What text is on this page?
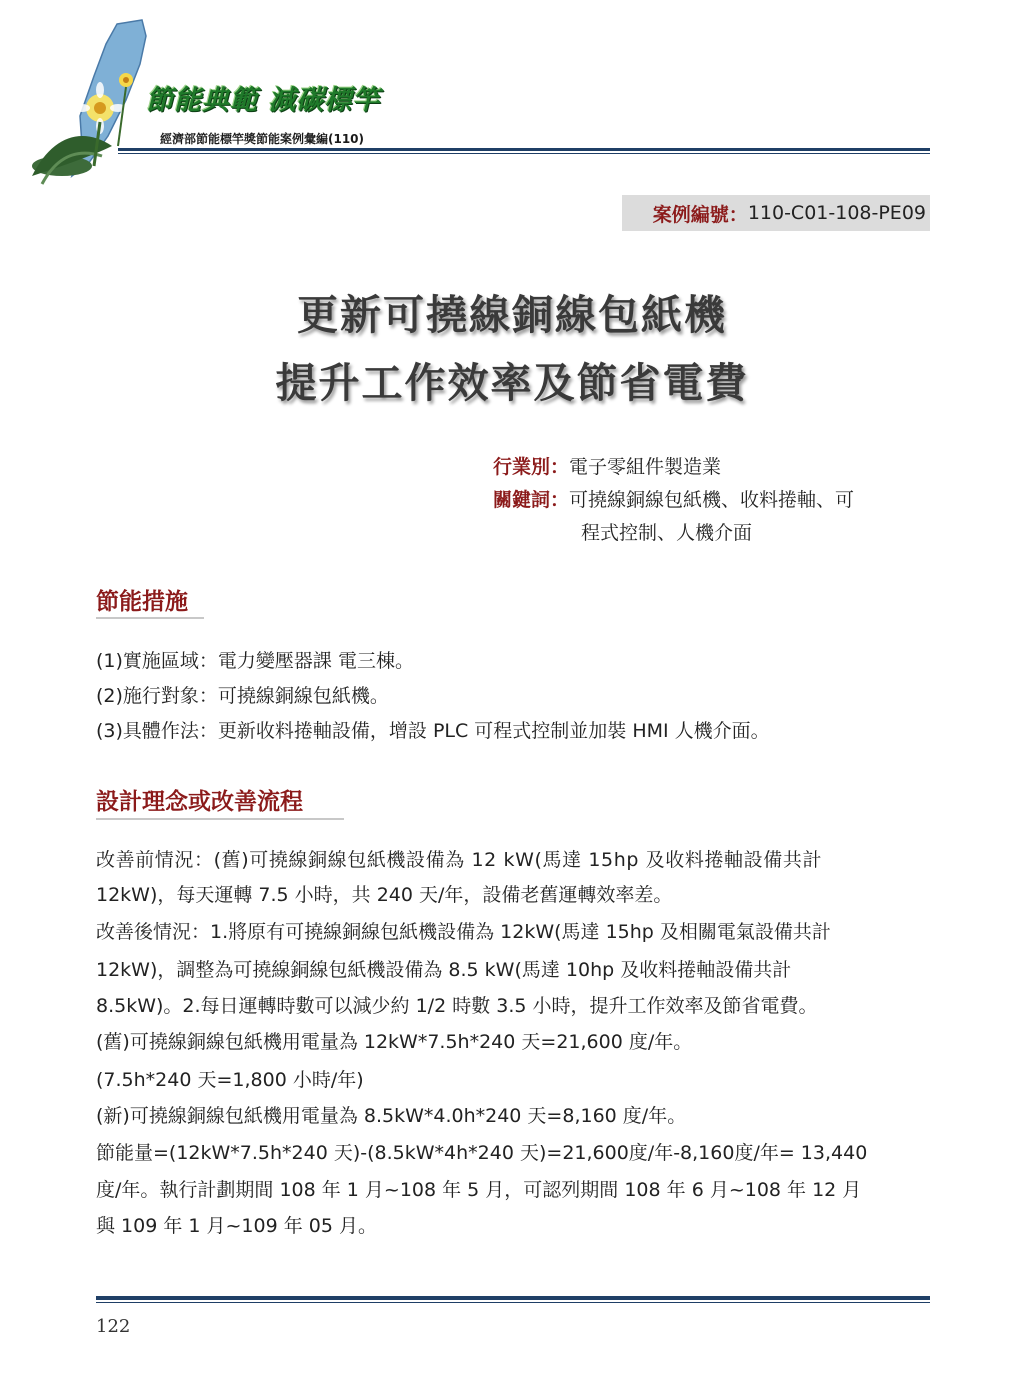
節能典範 減碳標竿
經濟部節能標竿獎節能案例彙編(110)
案例編號： 110-C01-108-PE09
更新可撓線銅線包紙機
提升工作效率及節省電費
行業別：電子零組件製造業
關鍵詞：可撓線銅線包紙機、收料捲軸、可
程式控制、人機介面
節能措施
(1)實施區域：電力變壓器課 電三棟。
(2)施行對象：可撓線銅線包紙機。
(3)具體作法：更新收料捲軸設備，增設 PLC 可程式控制並加裝 HMI 人機介面。
設計理念或改善流程
改善前情況：(舊)可撓線銅線包紙機設備為 12 kW(馬達 15hp 及收料捲軸設備共計
12kW)，每天運轉 7.5 小時，共 240 天/年，設備老舊運轉效率差。
改善後情況：1.將原有可撓線銅線包紙機設備為 12kW(馬達 15hp 及相關電氣設備共計
12kW)，調整為可撓線銅線包紙機設備為 8.5 kW(馬達 10hp 及收料捲軸設備共計
8.5kW)。2.每日運轉時數可以減少約 1/2 時數 3.5 小時，提升工作效率及節省電費。
(舊)可撓線銅線包紙機用電量為 12kW*7.5h*240 天=21,600 度/年。
(7.5h*240 天=1,800 小時/年)
(新)可撓線銅線包紙機用電量為 8.5kW*4.0h*240 天=8,160 度/年。
節能量=(12kW*7.5h*240 天)-(8.5kW*4h*240 天)=21,600度/年-8,160度/年= 13,440
度/年。執行計劃期間 108 年 1 月~108 年 5 月，可認列期間 108 年 6 月~108 年 12 月
與 109 年 1 月~109 年 05 月。
122
